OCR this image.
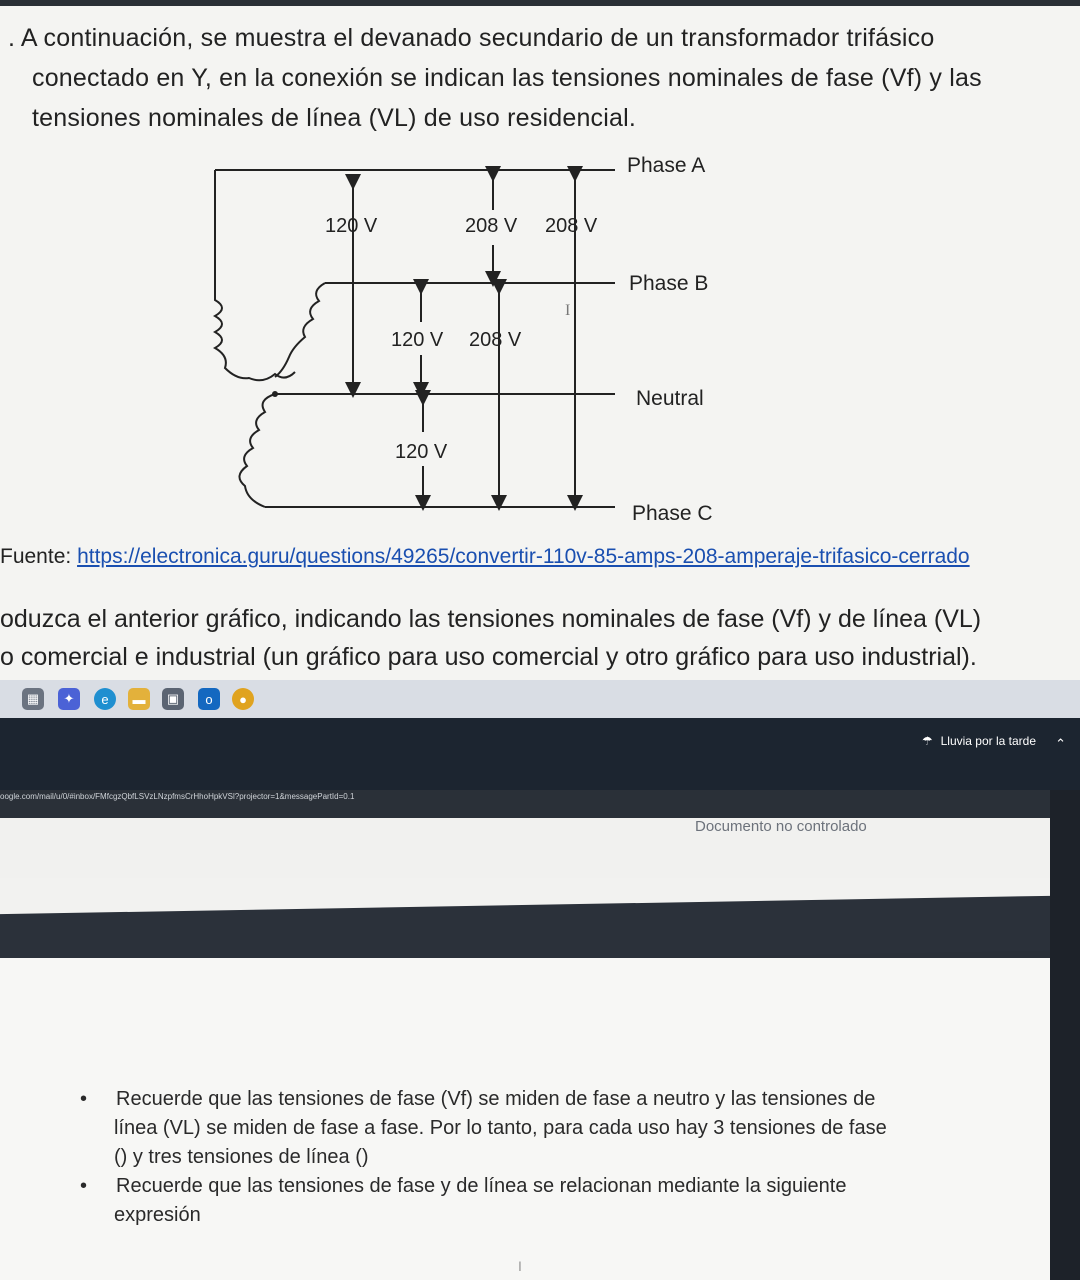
. A continuación, se muestra el devanado secundario de un transformador trifásico
conectado en Y, en la conexión se indican las tensiones nominales de fase (Vf) y las
tensiones nominales de línea (VL) de uso residencial.
120 V	208 V 208 V
120 V 208 V
120 V
I
Phase A
Phase B
Neutral
Phase C
Fuente: https://electronica.guru/questions/49265/convertir-110v-85-amps-208-amperaje-trifasico-cerrado
oduzca el anterior gráfico, indicando las tensiones nominales de fase (Vf) y de línea (VL)
o comercial e industrial (un gráfico para uso comercial y otro gráfico para uso industrial).
▦	✦	e	▬	▣	o	●
☂ Lluvia por la tarde ⌃
oogle.com/mail/u/0/#inbox/FMfcgzQbfLSVzLNzpfmsCrHhoHpkVSl?projector=1&messagePartId=0.1
Documento no controlado
•	Recuerde que las tensiones de fase (Vf) se miden de fase a neutro y las tensiones de
línea (VL) se miden de fase a fase. Por lo tanto, para cada uso hay 3 tensiones de fase
() y tres tensiones de línea ()
•	Recuerde que las tensiones de fase y de línea se relacionan mediante la siguiente
expresión
I
